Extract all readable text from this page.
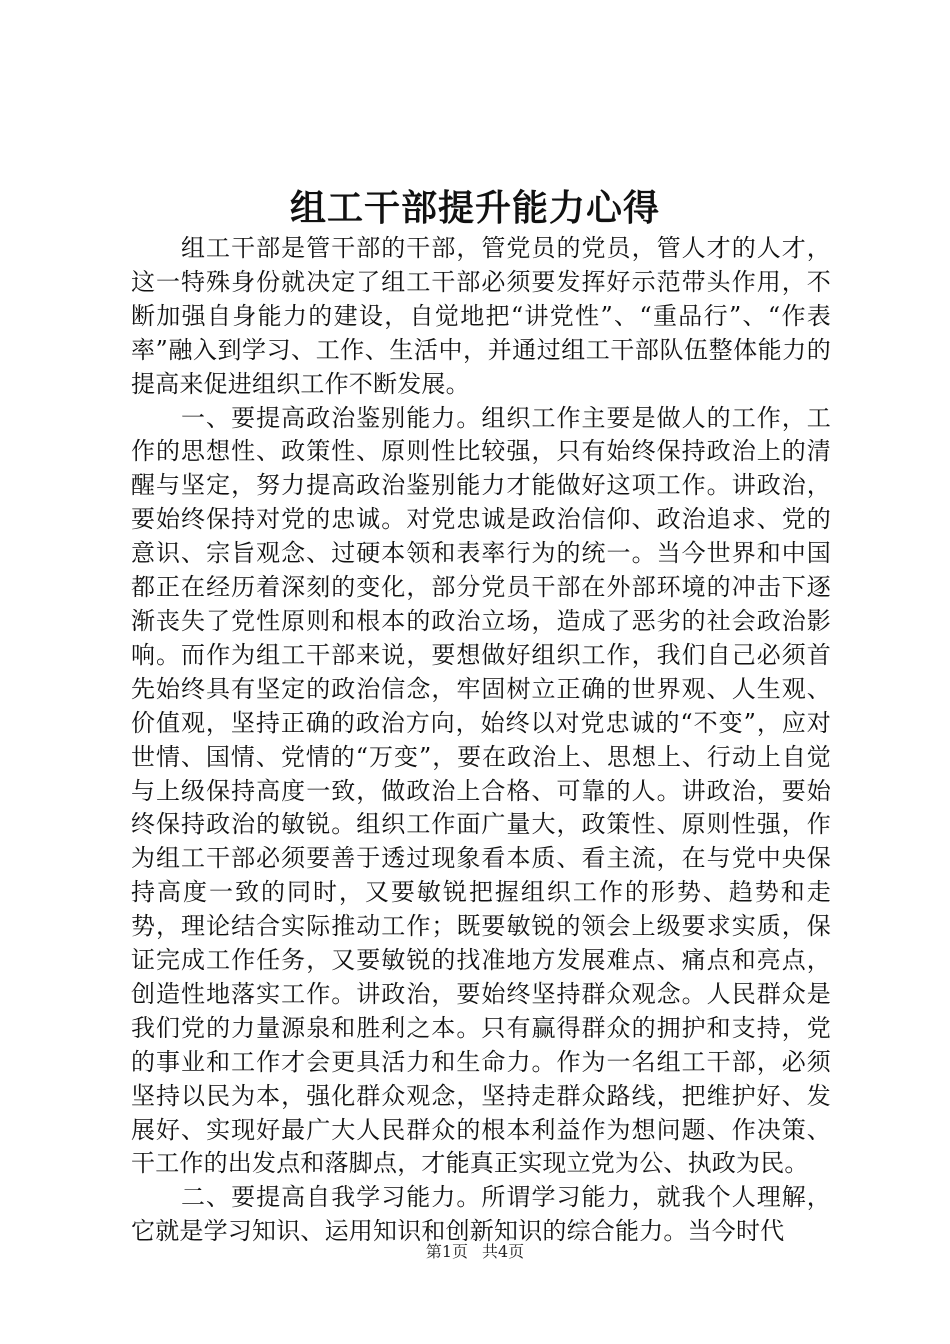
组工干部提升能力心得

组工干部是管干部的干部，管党员的党员，管人才的人才，这一特殊身份就决定了组工干部必须要发挥好示范带头作用，不断加强自身能力的建设，自觉地把“讲党性”、“重品行”、“作表率”融入到学习、工作、生活中，并通过组工干部队伍整体能力的提高来促进组织工作不断发展。

一、要提高政治鉴别能力。组织工作主要是做人的工作，工作的思想性、政策性、原则性比较强，只有始终保持政治上的清醒与坚定，努力提高政治鉴别能力才能做好这项工作。讲政治，要始终保持对党的忠诚。对党忠诚是政治信仰、政治追求、党的意识、宗旨观念、过硬本领和表率行为的统一。当今世界和中国都正在经历着深刻的变化，部分党员干部在外部环境的冲击下逐渐丧失了党性原则和根本的政治立场，造成了恶劣的社会政治影响。而作为组工干部来说，要想做好组织工作，我们自己必须首先始终具有坚定的政治信念，牢固树立正确的世界观、人生观、价值观，坚持正确的政治方向，始终以对党忠诚的“不变”，应对世情、国情、党情的“万变”，要在政治上、思想上、行动上自觉与上级保持高度一致，做政治上合格、可靠的人。讲政治，要始终保持政治的敏锐。组织工作面广量大，政策性、原则性强，作为组工干部必须要善于透过现象看本质、看主流，在与党中央保持高度一致的同时，又要敏锐把握组织工作的形势、趋势和走势，理论结合实际推动工作；既要敏锐的领会上级要求实质，保证完成工作任务，又要敏锐的找准地方发展难点、痛点和亮点，创造性地落实工作。讲政治，要始终坚持群众观念。人民群众是我们党的力量源泉和胜利之本。只有赢得群众的拥护和支持，党的事业和工作才会更具活力和生命力。作为一名组工干部，必须坚持以民为本，强化群众观念，坚持走群众路线，把维护好、发展好、实现好最广大人民群众的根本利益作为想问题、作决策、干工作的出发点和落脚点，才能真正实现立党为公、执政为民。

二、要提高自我学习能力。所谓学习能力，就我个人理解，它就是学习知识、运用知识和创新知识的综合能力。当今时代

第1页 共4页
